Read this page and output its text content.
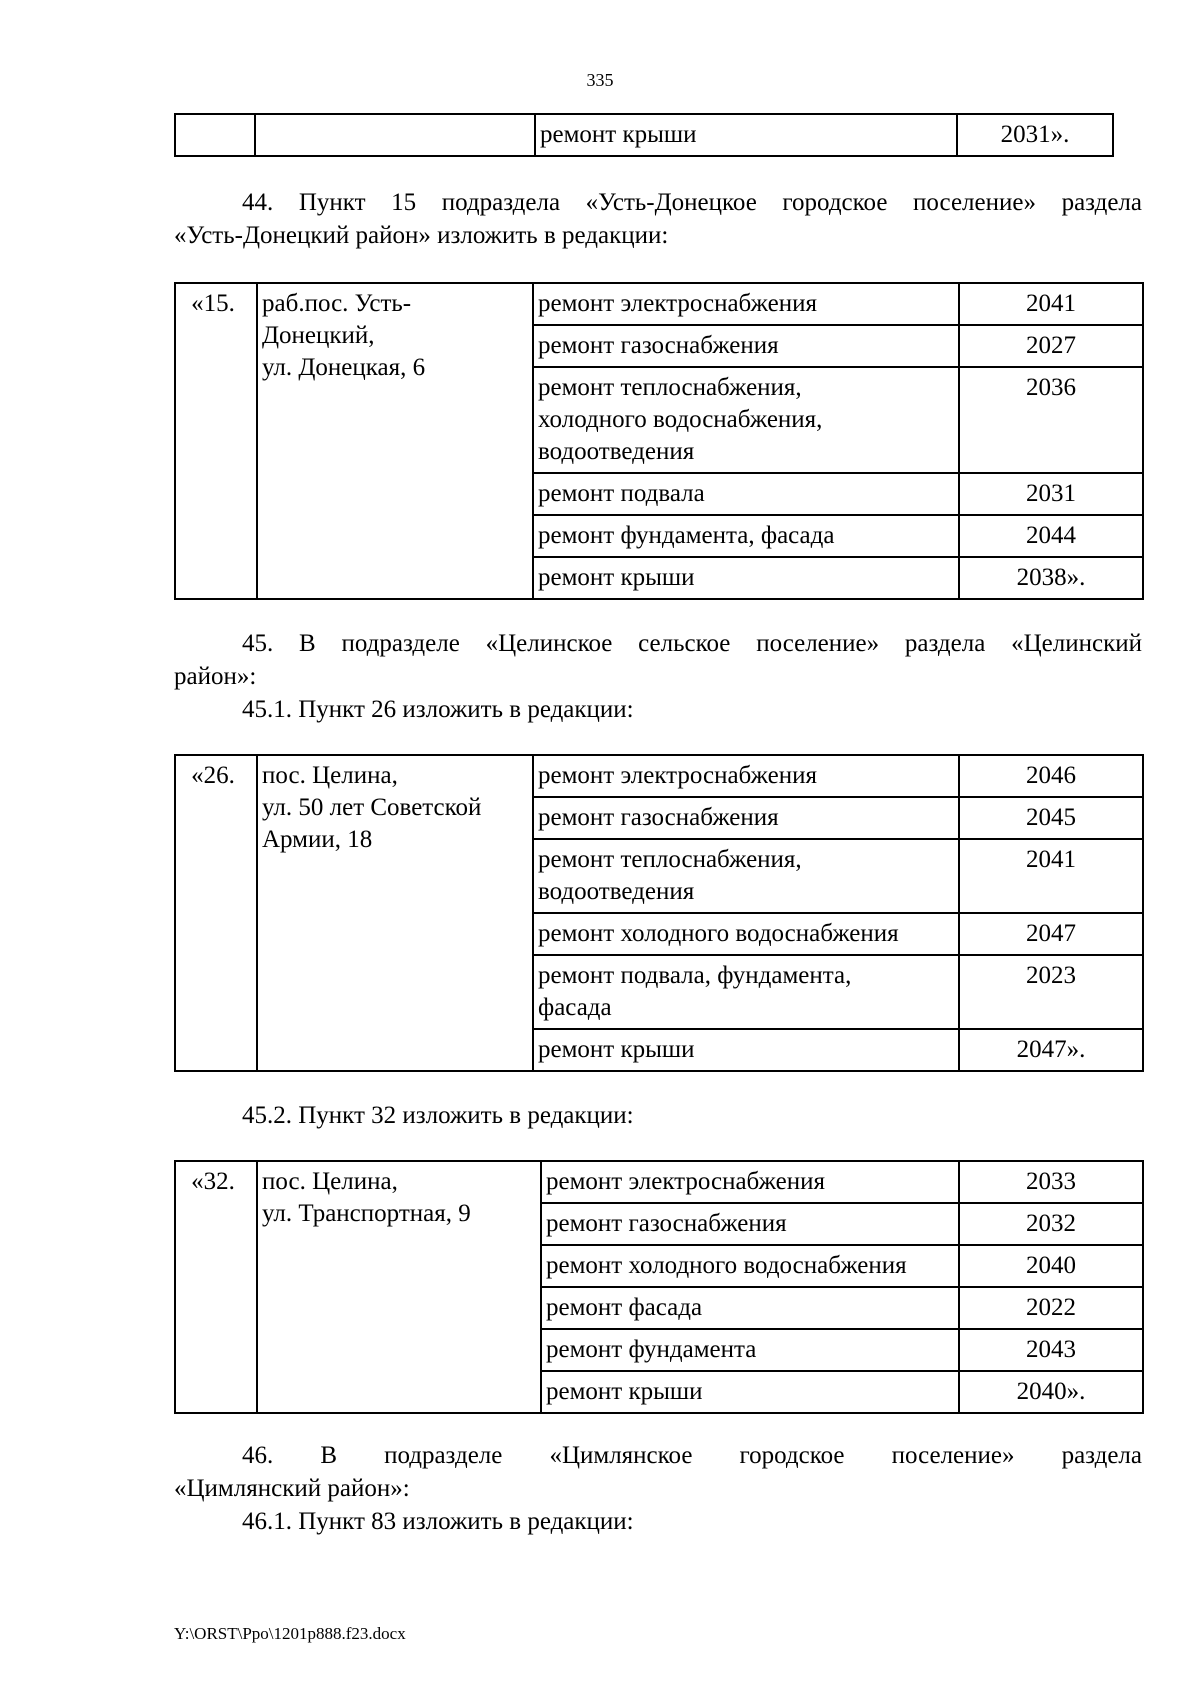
335
		ремонт крыши	2031».
44. Пункт 15 подраздела «Усть-Донецкое городское поселение» раздела
«Усть-Донецкий район» изложить в редакции:
«15.	раб.пос. Усть-
Донецкий,
ул. Донецкая, 6	ремонт электроснабжения	2041

		ремонт газоснабжения	2027

		ремонт теплоснабжения,
холодного водоснабжения,
водоотведения	2036

		ремонт подвала	2031

		ремонт фундамента, фасада	2044

		ремонт крыши	2038».
45. В подразделе «Целинское сельское поселение» раздела «Целинский
район»:
45.1. Пункт 26 изложить в редакции:
«26.	пос. Целина,
ул. 50 лет Советской
Армии, 18	ремонт электроснабжения	2046

		ремонт газоснабжения	2045

		ремонт теплоснабжения,
водоотведения	2041

		ремонт холодного водоснабжения	2047

		ремонт подвала, фундамента,
фасада	2023

		ремонт крыши	2047».
45.2. Пункт 32 изложить в редакции:
«32.	пос. Целина,
ул. Транспортная, 9	ремонт электроснабжения	2033

		ремонт газоснабжения	2032

		ремонт холодного водоснабжения	2040

		ремонт фасада	2022

		ремонт фундамента	2043

		ремонт крыши	2040».
46. В подразделе «Цимлянское городское поселение» раздела
«Цимлянский район»:
46.1. Пункт 83 изложить в редакции:
Y:\ORST\Ppo\1201p888.f23.docx
